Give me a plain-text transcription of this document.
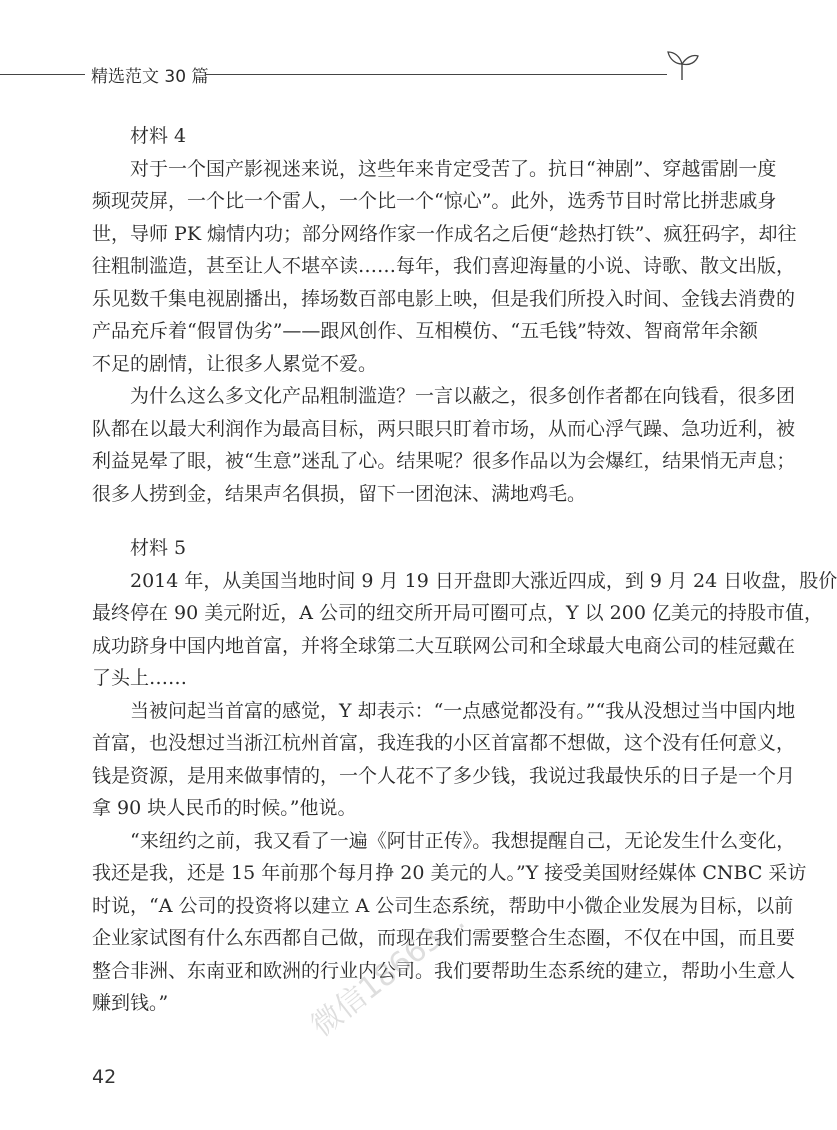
精选范文 30 篇
材料 4
对于一个国产影视迷来说，这些年来肯定受苦了。抗日“神剧”、穿越雷剧一度
频现荧屏，一个比一个雷人，一个比一个“惊心”。此外，选秀节目时常比拼悲戚身
世，导师 PK 煽情内功；部分网络作家一作成名之后便“趁热打铁”、疯狂码字，却往
往粗制滥造，甚至让人不堪卒读……每年，我们喜迎海量的小说、诗歌、散文出版，
乐见数千集电视剧播出，捧场数百部电影上映，但是我们所投入时间、金钱去消费的
产品充斥着“假冒伪劣”——跟风创作、互相模仿、“五毛钱”特效、智商常年余额
不足的剧情，让很多人累觉不爱。
为什么这么多文化产品粗制滥造？一言以蔽之，很多创作者都在向钱看，很多团
队都在以最大利润作为最高目标，两只眼只盯着市场，从而心浮气躁、急功近利，被
利益晃晕了眼，被“生意”迷乱了心。结果呢？很多作品以为会爆红，结果悄无声息；
很多人捞到金，结果声名俱损，留下一团泡沫、满地鸡毛。
材料 5
2014 年，从美国当地时间 9 月 19 日开盘即大涨近四成，到 9 月 24 日收盘，股价
最终停在 90 美元附近，A 公司的纽交所开局可圈可点，Y 以 200 亿美元的持股市值，
成功跻身中国内地首富，并将全球第二大互联网公司和全球最大电商公司的桂冠戴在
了头上……
当被问起当首富的感觉，Y 却表示：“一点感觉都没有。”“我从没想过当中国内地
首富，也没想过当浙江杭州首富，我连我的小区首富都不想做，这个没有任何意义，
钱是资源，是用来做事情的，一个人花不了多少钱，我说过我最快乐的日子是一个月
拿 90 块人民币的时候。”他说。
“来纽约之前，我又看了一遍《阿甘正传》。我想提醒自己，无论发生什么变化，
我还是我，还是 15 年前那个每月挣 20 美元的人。”Y 接受美国财经媒体 CNBC 采访
时说，“A 公司的投资将以建立 A 公司生态系统，帮助中小微企业发展为目标，以前
企业家试图有什么东西都自己做，而现在我们需要整合生态圈，不仅在中国，而且要
整合非洲、东南亚和欧洲的行业内公司。我们要帮助生态系统的建立，帮助小生意人
赚到钱。”	微信18663...
42
